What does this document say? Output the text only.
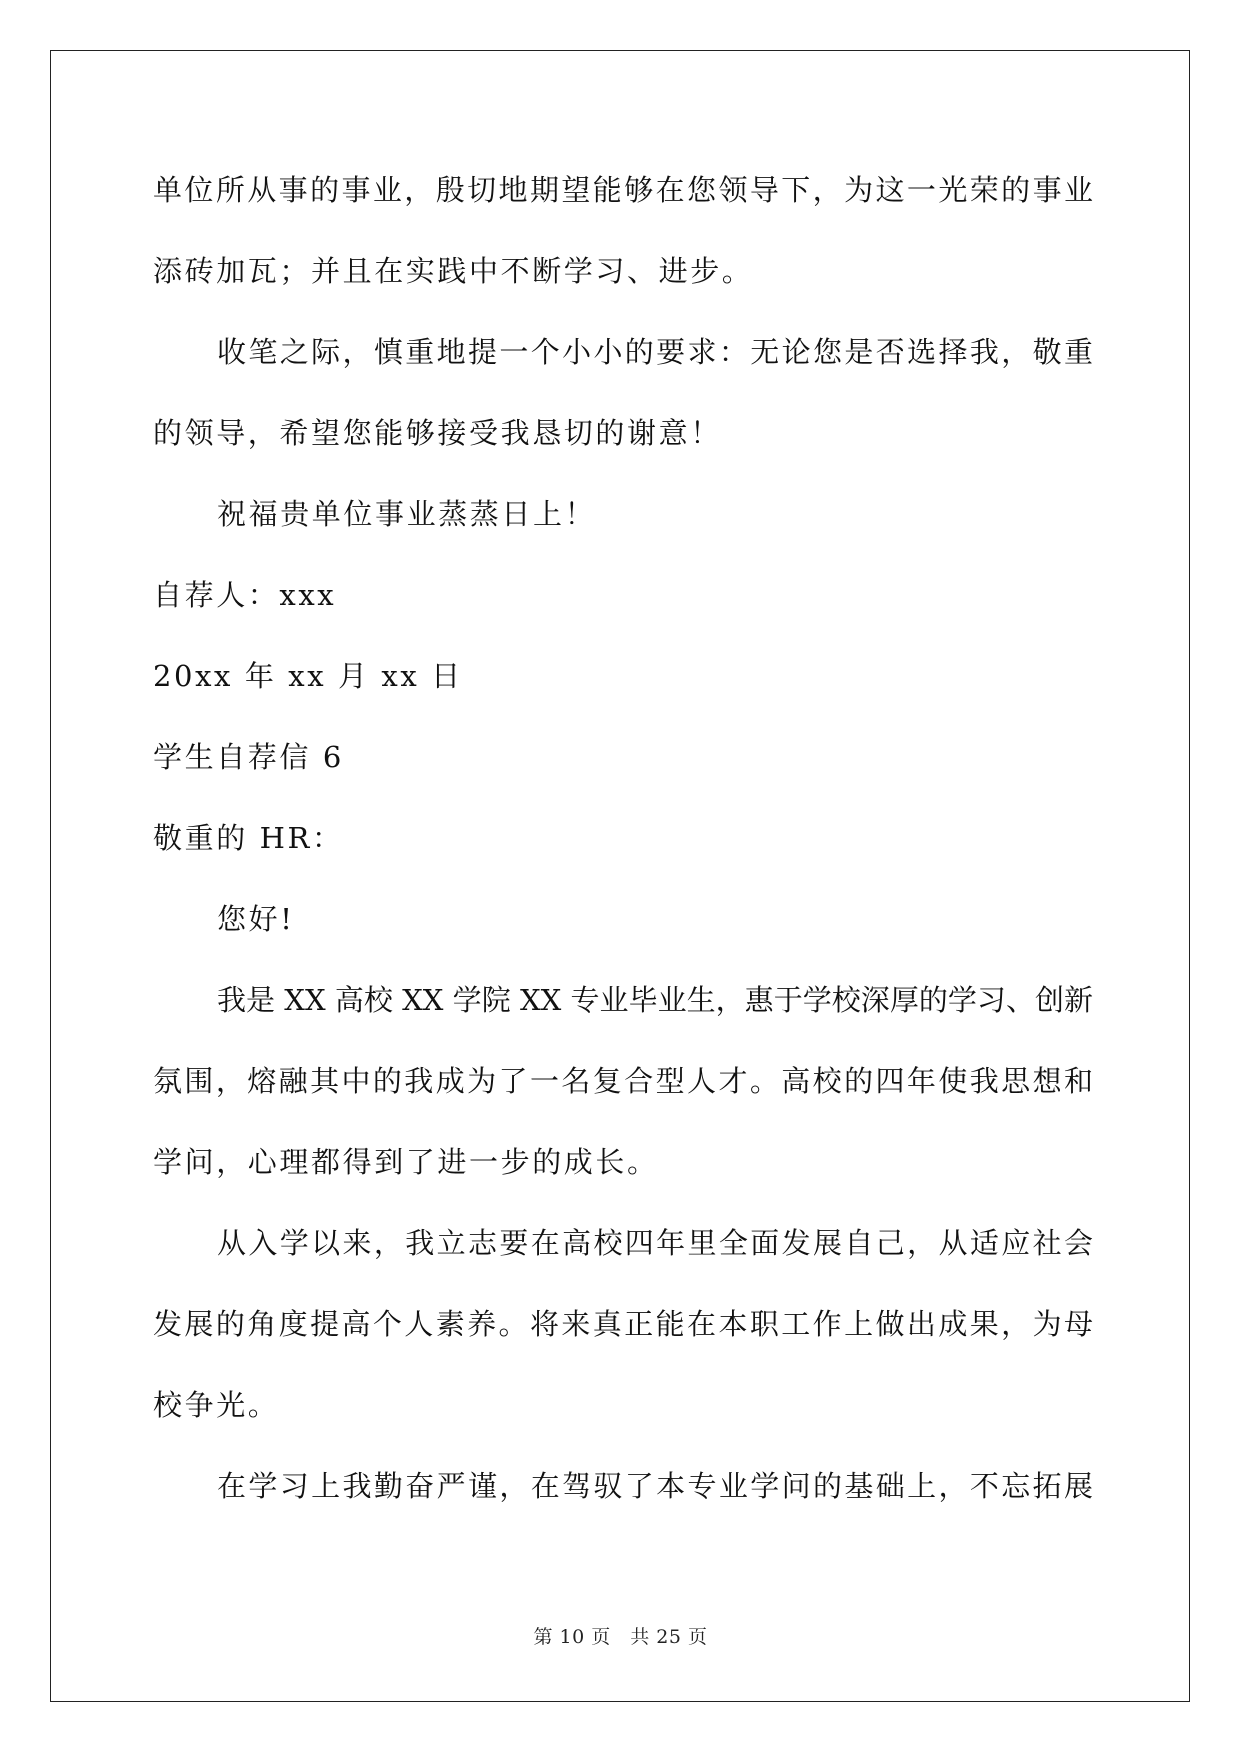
单位所从事的事业，殷切地期望能够在您领导下，为这一光荣的事业
添砖加瓦；并且在实践中不断学习、进步。
收笔之际，慎重地提一个小小的要求：无论您是否选择我，敬重
的领导，希望您能够接受我恳切的谢意！
祝福贵单位事业蒸蒸日上！
自荐人：xxx
20xx 年 xx 月 xx 日
学生自荐信 6
敬重的 HR：
您好!
我是 XX 高校 XX 学院 XX 专业毕业生，惠于学校深厚的学习、创新
氛围，熔融其中的我成为了一名复合型人才。高校的四年使我思想和
学问，心理都得到了进一步的成长。
从入学以来，我立志要在高校四年里全面发展自己，从适应社会
发展的角度提高个人素养。将来真正能在本职工作上做出成果，为母
校争光。
在学习上我勤奋严谨，在驾驭了本专业学问的基础上，不忘拓展
第 10 页　共 25 页
